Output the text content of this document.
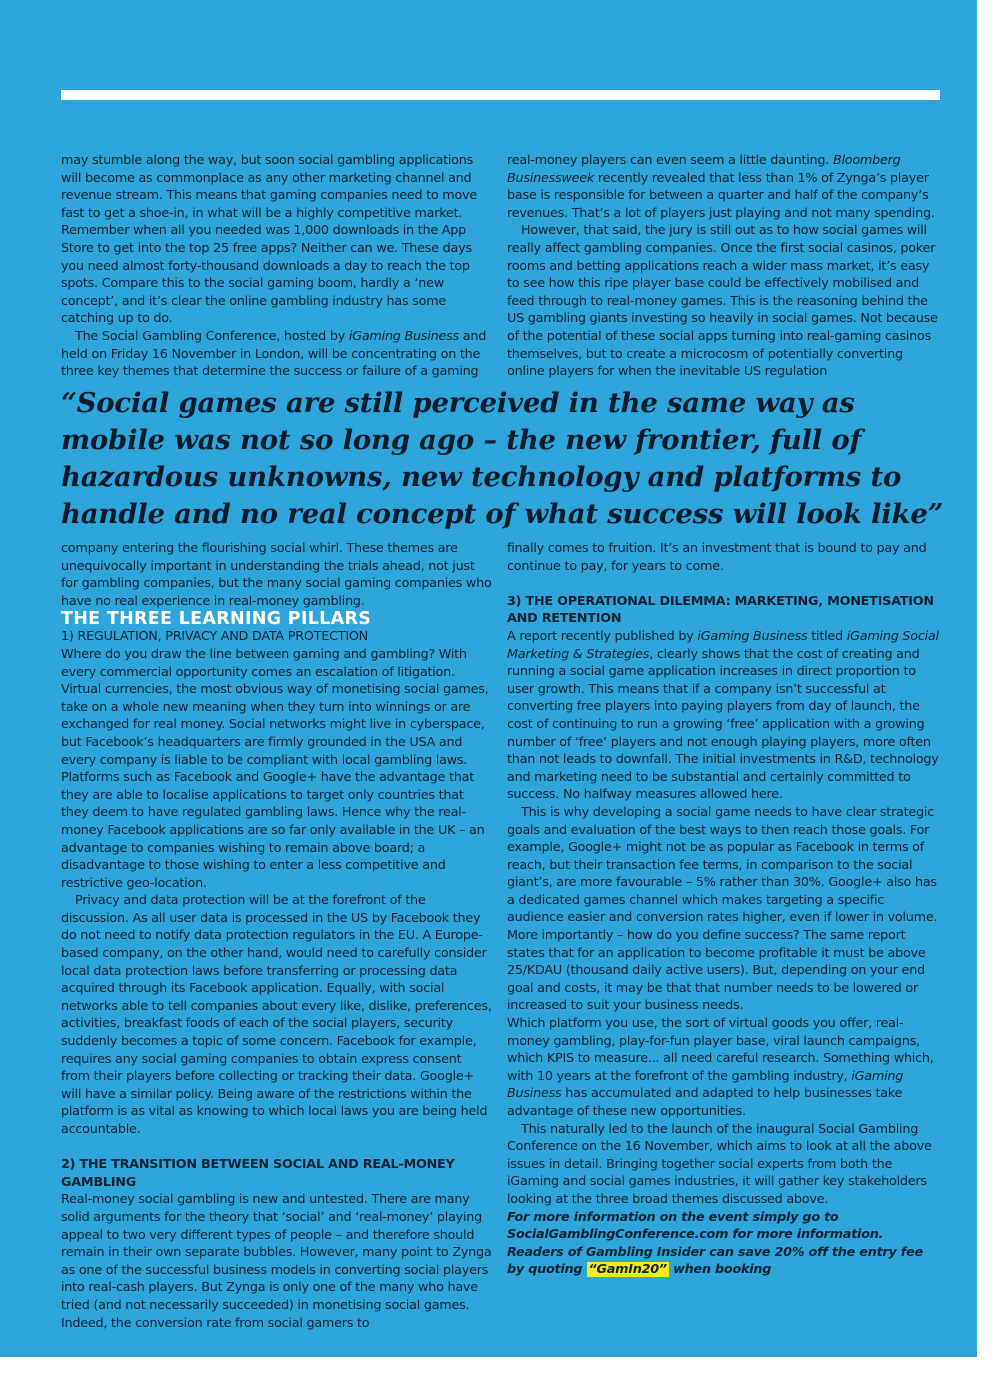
may stumble along the way, but soon social gambling applications will become as commonplace as any other marketing channel and revenue stream. This means that gaming companies need to move fast to get a shoe-in, in what will be a highly competitive market. Remember when all you needed was 1,000 downloads in the App Store to get into the top 25 free apps? Neither can we. These days you need almost forty-thousand downloads a day to reach the top spots. Compare this to the social gaming boom, hardly a ‘new concept’, and it’s clear the online gambling industry has some catching up to do.

The Social Gambling Conference, hosted by iGaming Business and held on Friday 16 November in London, will be concentrating on the three key themes that determine the success or failure of a gaming

real-money players can even seem a little daunting. Bloomberg Businessweek recently revealed that less than 1% of Zynga’s player base is responsible for between a quarter and half of the company’s revenues. That’s a lot of players just playing and not many spending.

However, that said, the jury is still out as to how social games will really affect gambling companies. Once the first social casinos, poker rooms and betting applications reach a wider mass market, it’s easy to see how this ripe player base could be effectively mobilised and feed through to real-money games. This is the reasoning behind the US gambling giants investing so heavily in social games. Not because of the potential of these social apps turning into real-gaming casinos themselves, but to create a microcosm of potentially converting online players for when the inevitable US regulation

“Social games are still perceived in the same way as mobile was not so long ago – the new frontier, full of hazardous unknowns, new technology and platforms to handle and no real concept of what success will look like”

company entering the flourishing social whirl. These themes are unequivocally important in understanding the trials ahead, not just for gambling companies, but the many social gaming companies who have no real experience in real-money gambling.

THE THREE LEARNING PILLARS

1) REGULATION, PRIVACY AND DATA PROTECTION

Where do you draw the line between gaming and gambling? With every commercial opportunity comes an escalation of litigation. Virtual currencies, the most obvious way of monetising social games, take on a whole new meaning when they turn into winnings or are exchanged for real money. Social networks might live in cyberspace, but Facebook’s headquarters are firmly grounded in the USA and every company is liable to be compliant with local gambling laws. Platforms such as Facebook and Google+ have the advantage that they are able to localise applications to target only countries that they deem to have regulated gambling laws. Hence why the real-money Facebook applications are so far only available in the UK – an advantage to companies wishing to remain above board; a disadvantage to those wishing to enter a less competitive and restrictive geo-location.

Privacy and data protection will be at the forefront of the discussion. As all user data is processed in the US by Facebook they do not need to notify data protection regulators in the EU. A Europe-based company, on the other hand, would need to carefully consider local data protection laws before transferring or processing data acquired through its Facebook application. Equally, with social networks able to tell companies about every like, dislike, preferences, activities, breakfast foods of each of the social players, security suddenly becomes a topic of some concern. Facebook for example, requires any social gaming companies to obtain express consent from their players before collecting or tracking their data. Google+ will have a similar policy. Being aware of the restrictions within the platform is as vital as knowing to which local laws you are being held accountable.

2) THE TRANSITION BETWEEN SOCIAL AND REAL-MONEY GAMBLING

Real-money social gambling is new and untested. There are many solid arguments for the theory that ‘social’ and ‘real-money’ playing appeal to two very different types of people – and therefore should remain in their own separate bubbles. However, many point to Zynga as one of the successful business models in converting social players into real-cash players. But Zynga is only one of the many who have tried (and not necessarily succeeded) in monetising social games. Indeed, the conversion rate from social gamers to

finally comes to fruition. It’s an investment that is bound to pay and continue to pay, for years to come.

3) THE OPERATIONAL DILEMMA: MARKETING, MONETISATION AND RETENTION

A report recently published by iGaming Business titled iGaming Social Marketing & Strategies, clearly shows that the cost of creating and running a social game application increases in direct proportion to user growth. This means that if a company isn’t successful at converting free players into paying players from day of launch, the cost of continuing to run a growing ‘free’ application with a growing number of ‘free’ players and not enough playing players, more often than not leads to downfall. The initial investments in R&D, technology and marketing need to be substantial and certainly committed to success. No halfway measures allowed here.

This is why developing a social game needs to have clear strategic goals and evaluation of the best ways to then reach those goals. For example, Google+ might not be as popular as Facebook in terms of reach, but their transaction fee terms, in comparison to the social giant’s, are more favourable – 5% rather than 30%. Google+ also has a dedicated games channel which makes targeting a specific audience easier and conversion rates higher, even if lower in volume. More importantly – how do you define success? The same report states that for an application to become profitable it must be above 25/KDAU (thousand daily active users). But, depending on your end goal and costs, it may be that that number needs to be lowered or increased to suit your business needs.

Which platform you use, the sort of virtual goods you offer, real-money gambling, play-for-fun player base, viral launch campaigns, which KPIS to measure... all need careful research. Something which, with 10 years at the forefront of the gambling industry, iGaming Business has accumulated and adapted to help businesses take advantage of these new opportunities.

This naturally led to the launch of the inaugural Social Gambling Conference on the 16 November, which aims to look at all the above issues in detail. Bringing together social experts from both the iGaming and social games industries, it will gather key stakeholders looking at the three broad themes discussed above.

For more information on the event simply go to SocialGamblingConference.com for more information. Readers of Gambling Insider can save 20% off the entry fee by quoting “GamIn20” when booking
